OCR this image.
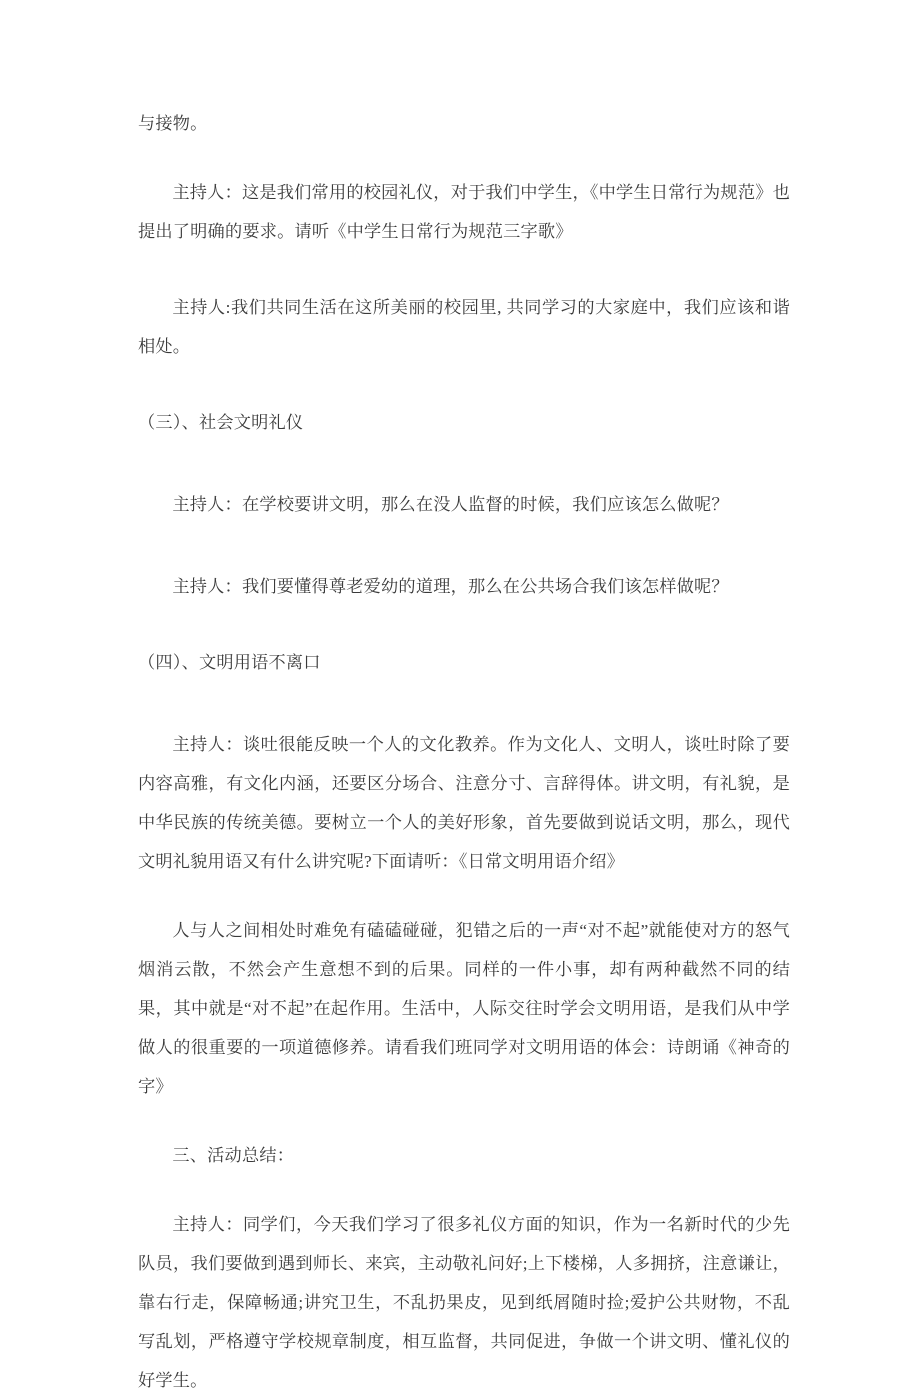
与接物。

主持人：这是我们常用的校园礼仪，对于我们中学生，《中学生日常行为规范》也提出了明确的要求。请听《中学生日常行为规范三字歌》

主持人:我们共同生活在这所美丽的校园里, 共同学习的大家庭中，我们应该和谐相处。

（三）、社会文明礼仪

主持人：在学校要讲文明，那么在没人监督的时候，我们应该怎么做呢？

主持人：我们要懂得尊老爱幼的道理，那么在公共场合我们该怎样做呢？

（四）、文明用语不离口

主持人：谈吐很能反映一个人的文化教养。作为文化人、文明人，谈吐时除了要内容高雅，有文化内涵，还要区分场合、注意分寸、言辞得体。讲文明，有礼貌，是中华民族的传统美德。要树立一个人的美好形象，首先要做到说话文明，那么，现代文明礼貌用语又有什么讲究呢?下面请听：《日常文明用语介绍》

人与人之间相处时难免有磕磕碰碰，犯错之后的一声“对不起”就能使对方的怒气烟消云散，不然会产生意想不到的后果。同样的一件小事，却有两种截然不同的结果，其中就是“对不起”在起作用。生活中，人际交往时学会文明用语，是我们从中学做人的很重要的一项道德修养。请看我们班同学对文明用语的体会：诗朗诵《神奇的字》

三、活动总结：

主持人：同学们，今天我们学习了很多礼仪方面的知识，作为一名新时代的少先队员，我们要做到遇到师长、来宾，主动敬礼问好;上下楼梯，人多拥挤，注意谦让，靠右行走，保障畅通;讲究卫生，不乱扔果皮，见到纸屑随时捡;爱护公共财物，不乱写乱划，严格遵守学校规章制度，相互监督，共同促进，争做一个讲文明、懂礼仪的好学生。
